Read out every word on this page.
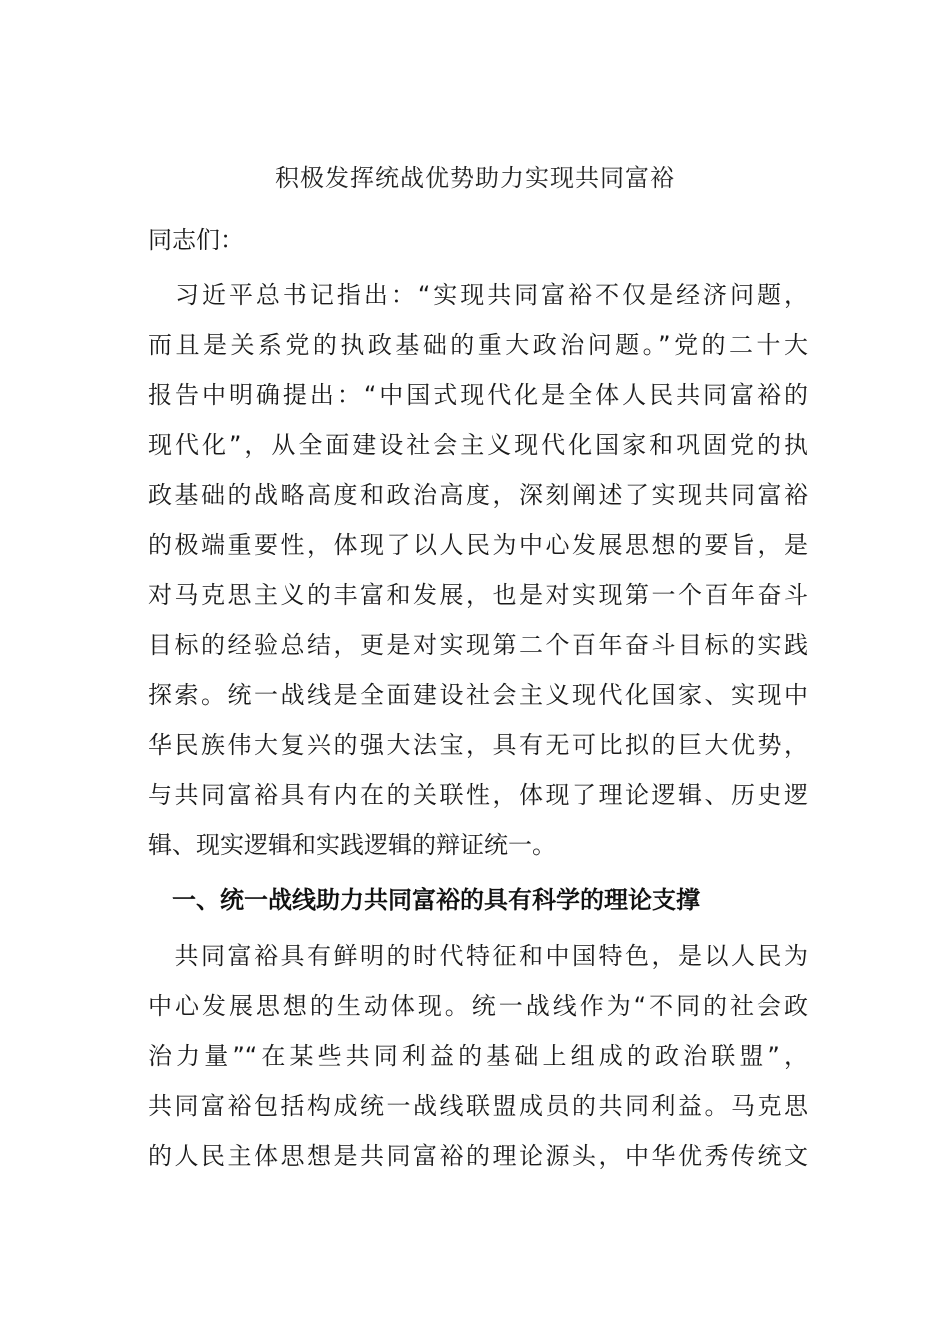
积极发挥统战优势助力实现共同富裕
同志们：
　习近平总书记指出：“实现共同富裕不仅是经济问题，
而且是关系党的执政基础的重大政治问题。”党的二十大
报告中明确提出：“中国式现代化是全体人民共同富裕的
现代化”，从全面建设社会主义现代化国家和巩固党的执
政基础的战略高度和政治高度，深刻阐述了实现共同富裕
的极端重要性，体现了以人民为中心发展思想的要旨，是
对马克思主义的丰富和发展，也是对实现第一个百年奋斗
目标的经验总结，更是对实现第二个百年奋斗目标的实践
探索。统一战线是全面建设社会主义现代化国家、实现中
华民族伟大复兴的强大法宝，具有无可比拟的巨大优势，
与共同富裕具有内在的关联性，体现了理论逻辑、历史逻
辑、现实逻辑和实践逻辑的辩证统一。
　一、统一战线助力共同富裕的具有科学的理论支撑
　共同富裕具有鲜明的时代特征和中国特色，是以人民为
中心发展思想的生动体现。统一战线作为“不同的社会政
治力量”“在某些共同利益的基础上组成的政治联盟”，
共同富裕包括构成统一战线联盟成员的共同利益。马克思
的人民主体思想是共同富裕的理论源头，中华优秀传统文
